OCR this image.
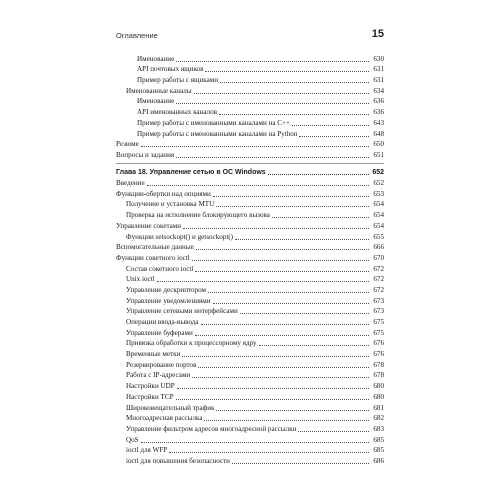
Оглавление	15
Именование	630
API почтовых ящиков	631
Пример работы с ящиками	631
Именованные каналы	634
Именование	636
API именованных каналов	636
Пример работы с именованными каналами на C++	643
Пример работы с именованными каналами на Python	648
Резюме	650
Вопросы и задания	651
Глава 18. Управление сетью в ОС Windows	652
Введение	652
Функции-обертки над опциями	653
Получение и установка MTU	654
Проверка на исполнение блокирующего вызова	654
Управление сокетами	654
Функции setsockopt() и getsockopt()	655
Вспомогательные данные	666
Функции сокетного ioctl	670
Состав сокетного ioctl	672
Unix ioctl	672
Управление дескриптором	672
Управление уведомлениями	673
Управление сетевыми интерфейсами	673
Операции ввода-вывода	675
Управление буферами	675
Привязка обработки к процессорному ядру	676
Временные метки	676
Резервирование портов	678
Работа с IP-адресами	678
Настройки UDP	680
Настройки TCP	680
Широковещательный трафик	681
Многоадресная рассылка	682
Управление фильтром адресов многоадресной рассылки	683
QoS	685
ioctl для WFP	685
ioctl для повышения безопасности	686
